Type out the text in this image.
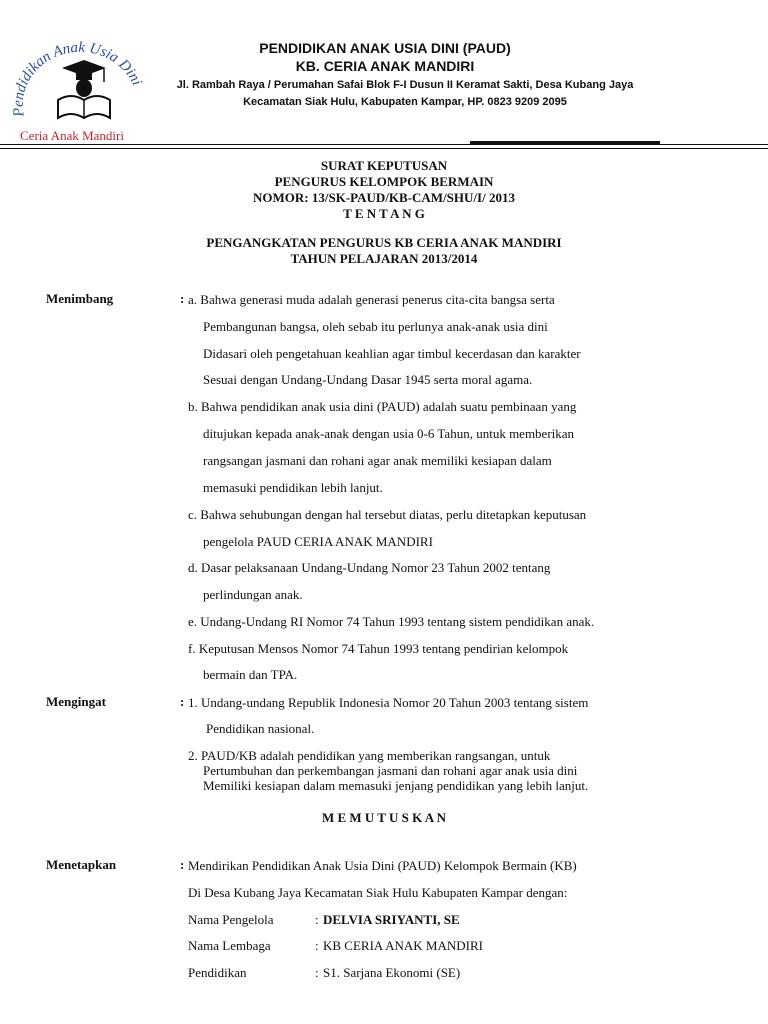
Pendidikan Anak Usia Dini
Ceria Anak Mandiri
PENDIDIKAN ANAK USIA DINI (PAUD)
KB. CERIA ANAK MANDIRI
Jl. Rambah Raya / Perumahan Safai Blok F-I Dusun II Keramat Sakti, Desa Kubang Jaya
Kecamatan Siak Hulu, Kabupaten Kampar, HP. 0823 9209 2095
SURAT KEPUTUSAN
PENGURUS KELOMPOK BERMAIN
NOMOR: 13/SK-PAUD/KB-CAM/SHU/I/ 2013
T E N T A N G
PENGANGKATAN PENGURUS KB CERIA ANAK MANDIRI
TAHUN PELAJARAN 2013/2014
Menimbang	: a. Bahwa generasi muda adalah generasi penerus cita-cita bangsa serta
Pembangunan bangsa, oleh sebab itu perlunya anak-anak usia dini
Didasari oleh pengetahuan keahlian agar timbul kecerdasan dan karakter
Sesuai dengan Undang-Undang Dasar 1945 serta moral agama.
b. Bahwa pendidikan anak usia dini (PAUD) adalah suatu pembinaan yang
ditujukan kepada anak-anak dengan usia 0-6 Tahun, untuk memberikan
rangsangan jasmani dan rohani agar anak memiliki kesiapan dalam
memasuki pendidikan lebih lanjut.
c. Bahwa sehubungan dengan hal tersebut diatas, perlu ditetapkan keputusan
pengelola PAUD CERIA ANAK MANDIRI
d. Dasar pelaksanaan Undang-Undang Nomor 23 Tahun 2002 tentang
perlindungan anak.
e. Undang-Undang RI Nomor 74 Tahun 1993 tentang sistem pendidikan anak.
f. Keputusan Mensos Nomor 74 Tahun 1993 tentang pendirian kelompok
bermain dan TPA.
Mengingat	: 1. Undang-undang Republik Indonesia Nomor 20 Tahun 2003 tentang sistem
Pendidikan nasional.
2. PAUD/KB adalah pendidikan yang memberikan rangsangan, untuk
Pertumbuhan dan perkembangan jasmani dan rohani agar anak usia dini
Memiliki kesiapan dalam memasuki jenjang pendidikan yang lebih lanjut.
M E M U T U S K A N
Menetapkan	: Mendirikan Pendidikan Anak Usia Dini (PAUD) Kelompok Bermain (KB)
Di Desa Kubang Jaya Kecamatan Siak Hulu Kabupaten Kampar dengan:
Nama Pengelola	: DELVIA SRIYANTI, SE
Nama Lembaga	: KB CERIA ANAK MANDIRI
Pendidikan	: S1. Sarjana Ekonomi (SE)
